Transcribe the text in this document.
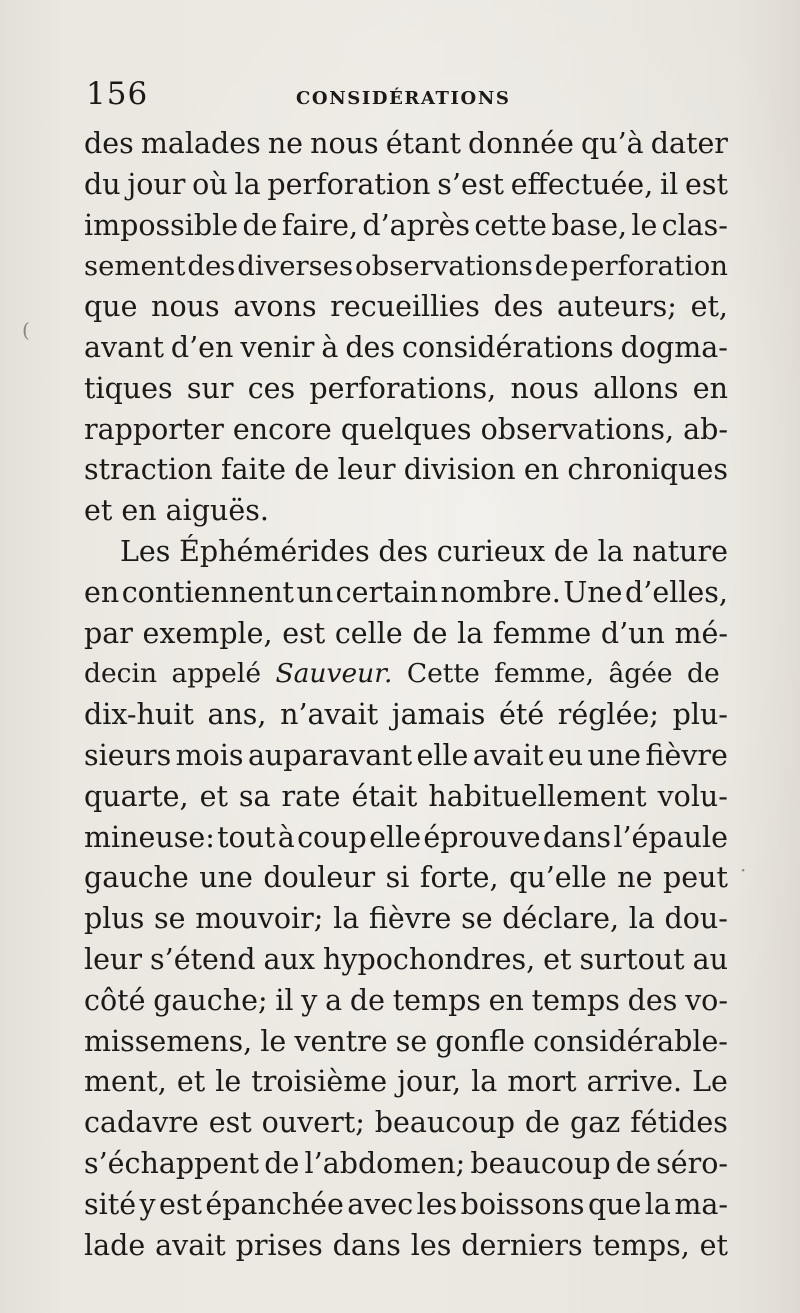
156	CONSIDÉRATIONS
des malades ne nous étant donnée qu’à dater
du jour où la perforation s’est effectuée, il est
impossible de faire, d’après cette base, le clas-
sement des diverses observations de perforation
que nous avons recueillies des auteurs; et,
avant d’en venir à des considérations dogma-
tiques sur ces perforations, nous allons en
rapporter encore quelques observations, ab-
straction faite de leur division en chroniques
et en aiguës.
Les Éphémérides des curieux de la nature
en contiennent un certain nombre. Une d’elles,
par exemple, est celle de la femme d’un mé-
decin appelé Sauveur. Cette femme, âgée de
dix-huit ans, n’avait jamais été réglée; plu-
sieurs mois auparavant elle avait eu une fièvre
quarte, et sa rate était habituellement volu-
mineuse: tout à coup elle éprouve dans l’épaule
gauche une douleur si forte, qu’elle ne peut
plus se mouvoir; la fièvre se déclare, la dou-
leur s’étend aux hypochondres, et surtout au
côté gauche; il y a de temps en temps des vo-
missemens, le ventre se gonfle considérable-
ment, et le troisième jour, la mort arrive. Le
cadavre est ouvert; beaucoup de gaz fétides
s’échappent de l’abdomen; beaucoup de séro-
sité y est épanchée avec les boissons que la ma-
lade avait prises dans les derniers temps, et
(
·
